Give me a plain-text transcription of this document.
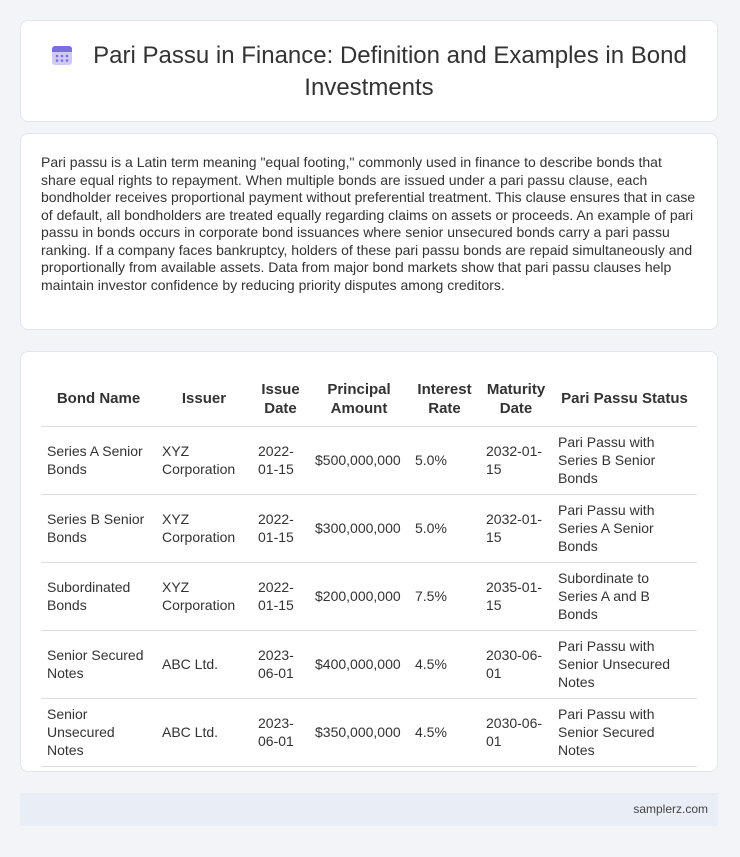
Pari Passu in Finance: Definition and Examples in Bond Investments

Pari passu is a Latin term meaning "equal footing," commonly used in finance to describe bonds that share equal rights to repayment. When multiple bonds are issued under a pari passu clause, each bondholder receives proportional payment without preferential treatment. This clause ensures that in case of default, all bondholders are treated equally regarding claims on assets or proceeds. An example of pari passu in bonds occurs in corporate bond issuances where senior unsecured bonds carry a pari passu ranking. If a company faces bankruptcy, holders of these pari passu bonds are repaid simultaneously and proportionally from available assets. Data from major bond markets show that pari passu clauses help maintain investor confidence by reducing priority disputes among creditors.

Bond Name	Issuer	Issue Date	Principal Amount	Interest Rate	Maturity Date	Pari Passu Status
Series A Senior Bonds	XYZ Corporation	2022-01-15	$500,000,000	5.0%	2032-01-15	Pari Passu with Series B Senior Bonds
Series B Senior Bonds	XYZ Corporation	2022-01-15	$300,000,000	5.0%	2032-01-15	Pari Passu with Series A Senior Bonds
Subordinated Bonds	XYZ Corporation	2022-01-15	$200,000,000	7.5%	2035-01-15	Subordinate to Series A and B Bonds
Senior Secured Notes	ABC Ltd.	2023-06-01	$400,000,000	4.5%	2030-06-01	Pari Passu with Senior Unsecured Notes
Senior Unsecured Notes	ABC Ltd.	2023-06-01	$350,000,000	4.5%	2030-06-01	Pari Passu with Senior Secured Notes
samplerz.com
